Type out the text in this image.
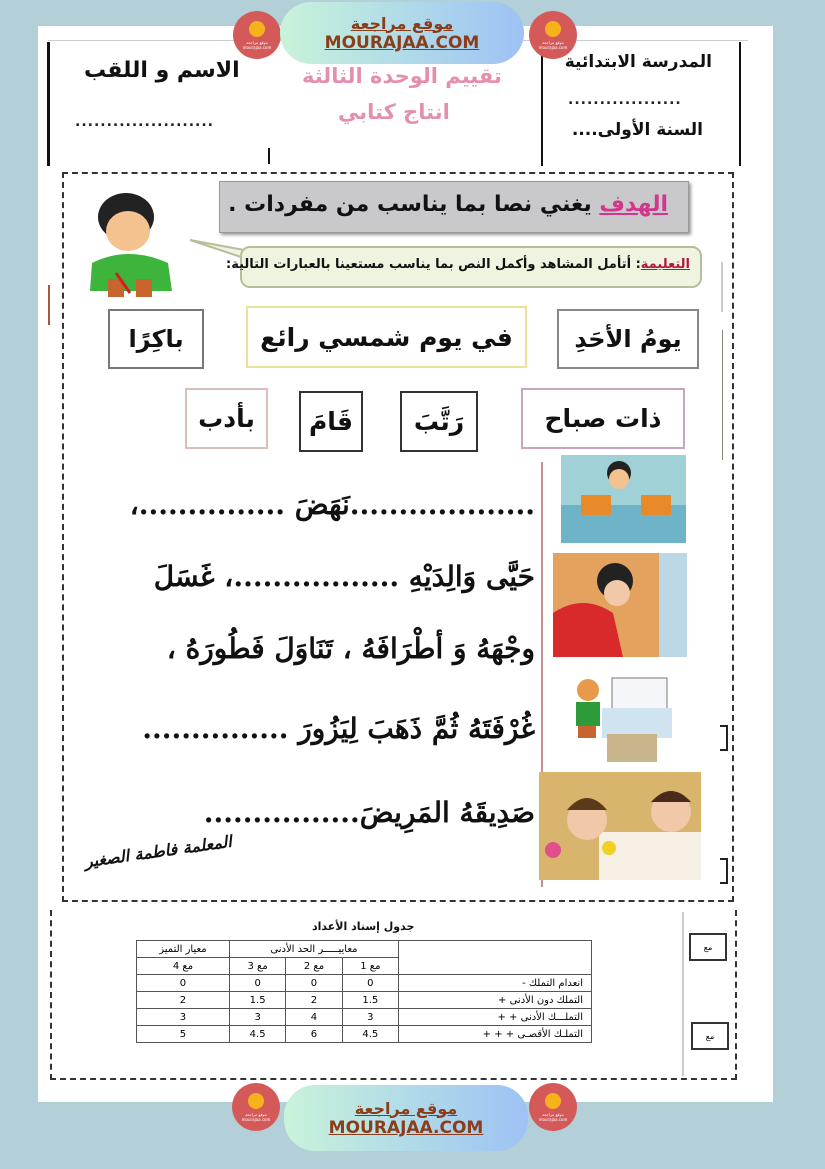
المدرسة الابتدائية
..................
السنة الأولى....
تقييم الوحدة الثالثة
انتاج كتابي
الاسم و اللقب
......................
الهدف يغني نصا بما يناسب من مفردات .
التعليمة: أتأمل المشاهد وأكمل النص بما يناسب مستعينا بالعبارات التالية:
يومُ الأحَدِ
في يوم شمسي رائع
باكِرًا
ذات صباح
رَتَّبَ
قَامَ
بأدب
...................نَهَضَ ...............،
حَيَّى وَالِدَيْهِ .................، غَسَلَ
وجْهَهُ وَ أطْرَافَهُ ، تَنَاوَلَ فَطُورَهُ ،
غُرْفَتَهُ ثُمَّ ذَهَبَ لِيَزُورَ ...............
صَدِيقَهُ المَرِيضَ................
المعلمة فاطمة الصغير
مع
مع
جدول إسناد الأعداد
	معاييـــــر الحد الأدنى			معيار التميز
	مع 1	مع 2	مع 3	مع 4
انعدام التملك -	0	0	0	0
التملك دون الأدنى +	1.5	2	1.5	2
التملـــك الأدنى + +	3	4	3	3
التملـك الأقصـى + + +	4.5	6	4.5	5
موقع مراجعة mourajaa.com
موقع مراجعة
MOURAJAA.COM	موقع مراجعة mourajaa.com
موقع مراجعة mourajaa.com
موقع مراجعة
MOURAJAA.COM
موقع مراجعة mourajaa.com
